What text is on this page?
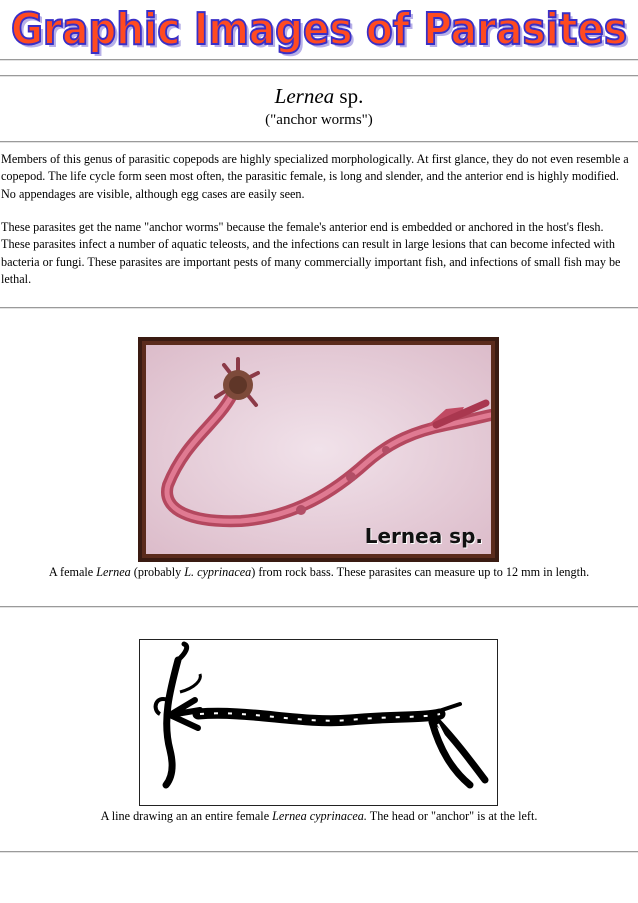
Graphic Images of Parasites
Graphic Images of Parasites
Lernea sp.
("anchor worms")
Members of this genus of parasitic copepods are highly specialized morphologically. At first glance, they do not even resemble a copepod. The life cycle form seen most often, the parasitic female, is long and slender, and the anterior end is highly modified. No appendages are visible, although egg cases are easily seen.
These parasites get the name "anchor worms" because the female's anterior end is embedded or anchored in the host's flesh. These parasites infect a number of aquatic teleosts, and the infections can result in large lesions that can become infected with bacteria or fungi. These parasites are important pests of many commercially important fish, and infections of small fish may be lethal.
Lernea sp.
A female Lernea (probably L. cyprinacea) from rock bass. These parasites can measure up to 12 mm in length.
A line drawing an an entire female Lernea cyprinacea. The head or "anchor" is at the left.
